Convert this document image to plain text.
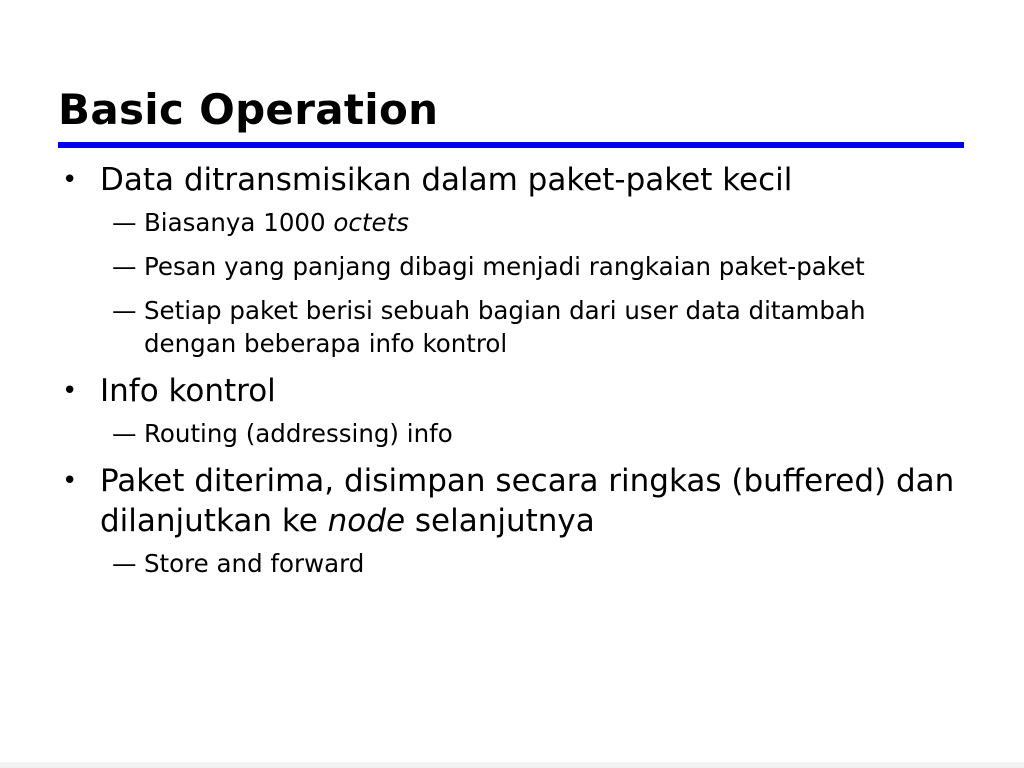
Basic Operation
• Data ditransmisikan dalam paket-paket kecil
— Biasanya 1000 octets
— Pesan yang panjang dibagi menjadi rangkaian paket-paket
— Setiap paket berisi sebuah bagian dari user data ditambah dengan beberapa info kontrol
• Info kontrol
— Routing (addressing) info
• Paket diterima, disimpan secara ringkas (buffered) dan dilanjutkan ke node selanjutnya
— Store and forward
